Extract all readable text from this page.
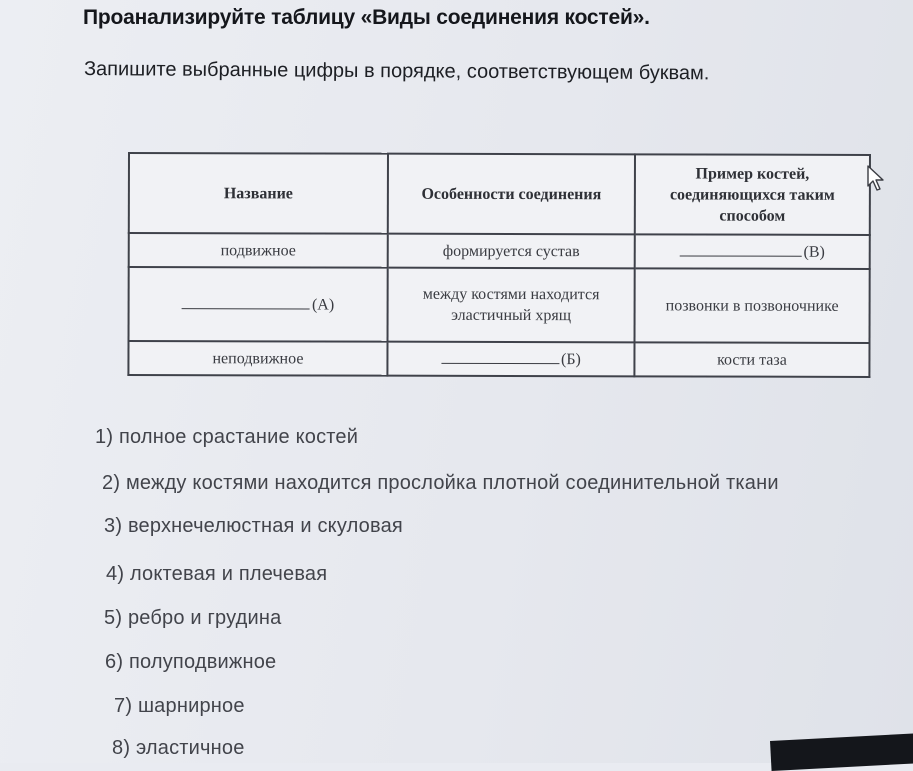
Проанализируйте таблицу «Виды соединения костей».

Запишите выбранные цифры в порядке, соответствующем буквам.

Название	Особенности соединения	Пример костей, соединяющихся таким способом
подвижное	формируется сустав	(В)
(А)	между костями находится эластичный хрящ	позвонки в позвоночнике
неподвижное	(Б)	кости таза
1) полное срастание костей
2) между костями находится прослойка плотной соединительной ткани
3) верхнечелюстная и скуловая
4) локтевая и плечевая
5) ребро и грудина
6) полуподвижное
7) шарнирное
8) эластичное
